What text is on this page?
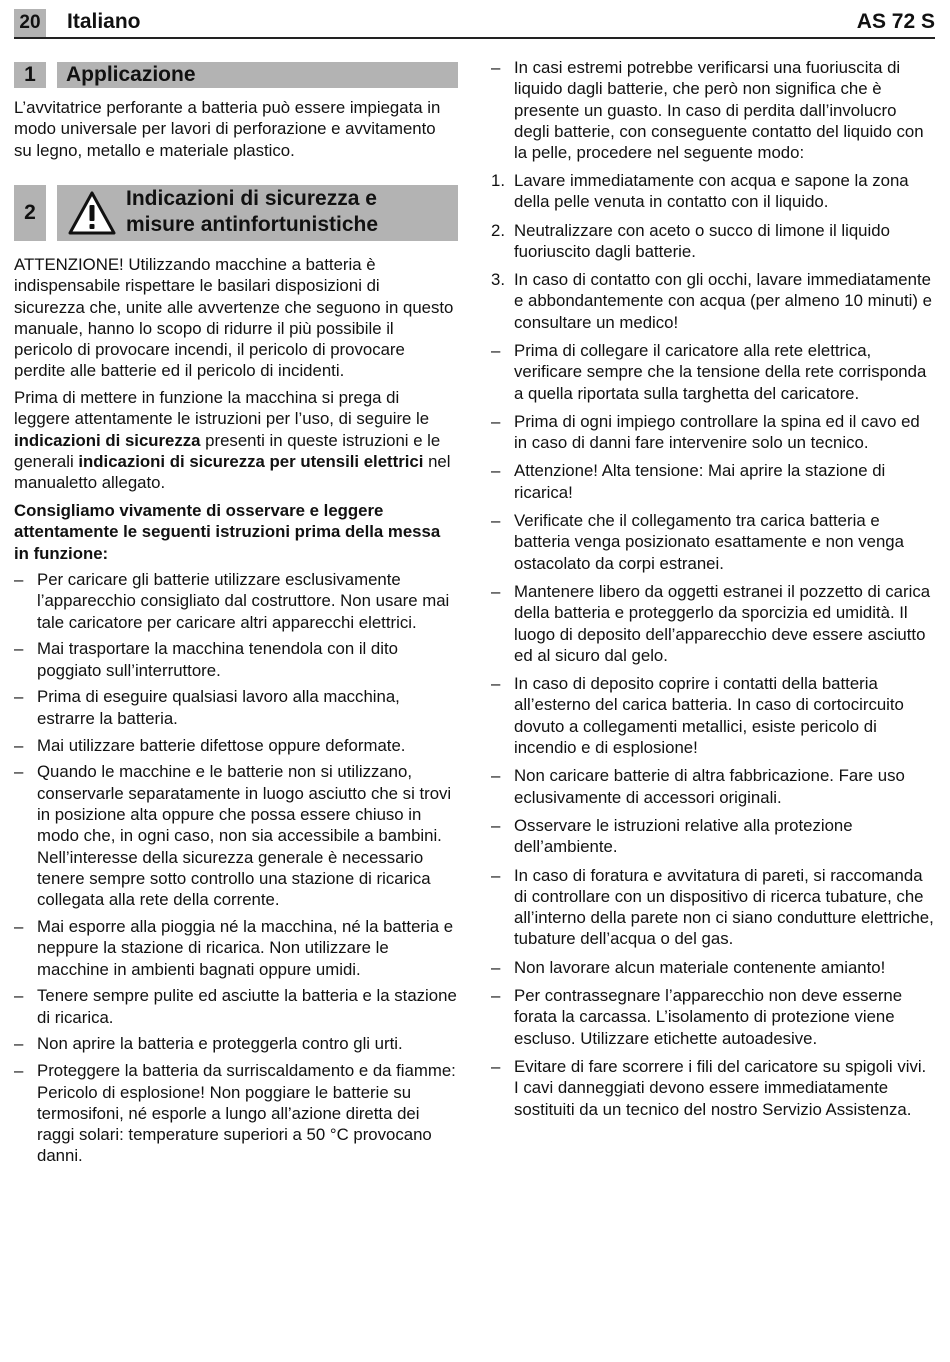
20 Italiano	AS 72 S
1	Applicazione

L’avvitatrice perforante a batteria può essere impiegata in modo universale per lavori di perforazione e avvitamento su legno, metallo e materiale plastico.

2
Indicazioni di sicurezza e
misure antinfortunistiche

ATTENZIONE! Utilizzando macchine a batteria è indispensabile rispettare le basilari disposizioni di sicurezza che, unite alle avvertenze che seguono in questo manuale, hanno lo scopo di ridurre il più possibile il pericolo di provocare incendi, il pericolo di provocare perdite alle batterie ed il pericolo di incidenti.

Prima di mettere in funzione la macchina si prega di leggere attentamente le istruzioni per l’uso, di seguire le indicazioni di sicurezza presenti in queste istruzioni e le generali indicazioni di sicurezza per utensili elettrici nel manualetto allegato.

Consigliamo vivamente di osservare e leggere attentamente le seguenti istruzioni prima della messa in funzione:

– Per caricare gli batterie utilizzare esclusivamente l’apparecchio consigliato dal costruttore. Non usare mai tale caricatore per caricare altri apparecchi elettrici.
– Mai trasportare la macchina tenendola con il dito poggiato sull’interruttore.
– Prima di eseguire qualsiasi lavoro alla macchina, estrarre la batteria.
– Mai utilizzare batterie difettose oppure deformate.
– Quando le macchine e le batterie non si utilizzano, conservarle separatamente in luogo asciutto che si trovi in posizione alta oppure che possa essere chiuso in modo che, in ogni caso, non sia accessibile a bambini. Nell’interesse della sicurezza generale è necessario tenere sempre sotto controllo una stazione di ricarica collegata alla rete della corrente.
– Mai esporre alla pioggia né la macchina, né la batteria e neppure la stazione di ricarica. Non utilizzare le macchine in ambienti bagnati oppure umidi.
– Tenere sempre pulite ed asciutte la batteria e la stazione di ricarica.
– Non aprire la batteria e proteggerla contro gli urti.
– Proteggere la batteria da surriscaldamento e da fiamme: Pericolo di esplosione! Non poggiare le batterie su termosifoni, né esporle a lungo all’azione diretta dei raggi solari: temperature superiori a 50 °C provocano danni.
– In casi estremi potrebbe verificarsi una fuoriuscita di liquido dagli batterie, che però non significa che è presente un guasto. In caso di perdita dall’involucro degli batterie, con conseguente contatto del liquido con la pelle, procedere nel seguente modo:
1. Lavare immediatamente con acqua e sapone la zona della pelle venuta in contatto con il liquido.
2. Neutralizzare con aceto o succo di limone il liquido fuoriuscito dagli batterie.
3. In caso di contatto con gli occhi, lavare immediatamente e abbondantemente con acqua (per almeno 10 minuti) e consultare un medico!
– Prima di collegare il caricatore alla rete elettrica, verificare sempre che la tensione della rete corrisponda a quella riportata sulla targhetta del caricatore.
– Prima di ogni impiego controllare la spina ed il cavo ed in caso di danni fare intervenire solo un tecnico.
– Attenzione! Alta tensione: Mai aprire la stazione di ricarica!
– Verificate che il collegamento tra carica batteria e batteria venga posizionato esattamente e non venga ostacolato da corpi estranei.
– Mantenere libero da oggetti estranei il pozzetto di carica della batteria e proteggerlo da sporcizia ed umidità. Il luogo di deposito dell’apparecchio deve essere asciutto ed al sicuro dal gelo.
– In caso di deposito coprire i contatti della batteria all’esterno del carica batteria. In caso di cortocircuito dovuto a collegamenti metallici, esiste pericolo di incendio e di esplosione!
– Non caricare batterie di altra fabbricazione. Fare uso eclusivamente di accessori originali.
– Osservare le istruzioni relative alla protezione dell’ambiente.
– In caso di foratura e avvitatura di pareti, si raccomanda di controllare con un dispositivo di ricerca tubature, che all’interno della parete non ci siano condutture elettriche, tubature dell’acqua o del gas.
– Non lavorare alcun materiale contenente amianto!
– Per contrassegnare l’apparecchio non deve esserne forata la carcassa. L’isolamento di protezione viene escluso. Utilizzare etichette autoadesive.
– Evitare di fare scorrere i fili del caricatore su spigoli vivi. I cavi danneggiati devono essere immediatamente sostituiti da un tecnico del nostro Servizio Assistenza.
